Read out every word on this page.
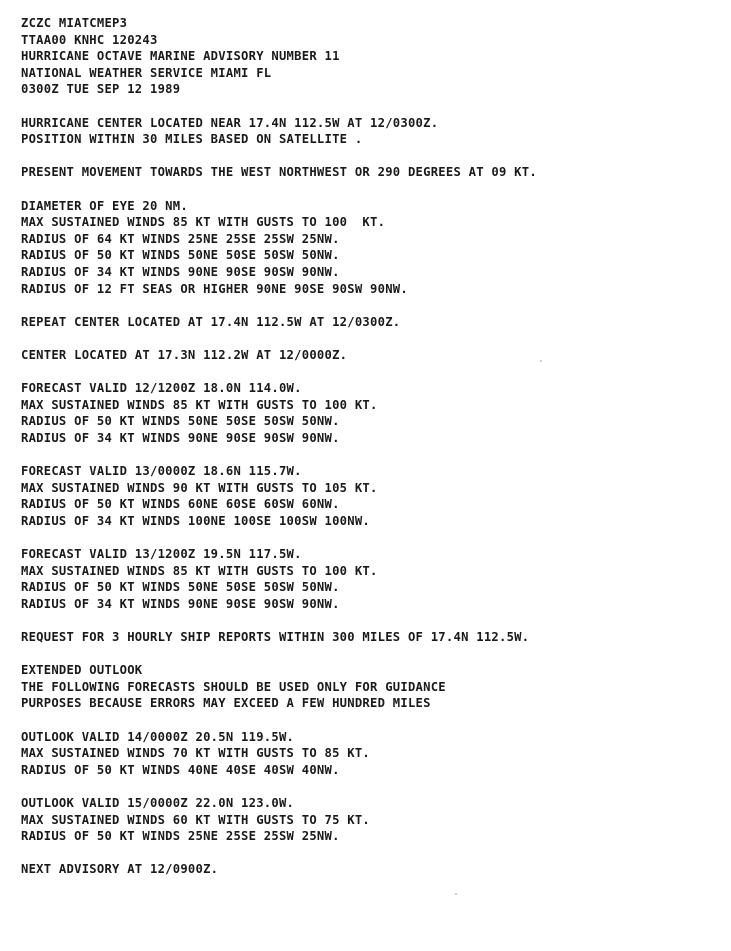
ZCZC MIATCMEP3
TTAA00 KNHC 120243
HURRICANE OCTAVE MARINE ADVISORY NUMBER 11
NATIONAL WEATHER SERVICE MIAMI FL
0300Z TUE SEP 12 1989
HURRICANE CENTER LOCATED NEAR 17.4N 112.5W AT 12/0300Z.
POSITION WITHIN 30 MILES BASED ON SATELLITE .
PRESENT MOVEMENT TOWARDS THE WEST NORTHWEST OR 290 DEGREES AT 09 KT.
DIAMETER OF EYE 20 NM.
MAX SUSTAINED WINDS 85 KT WITH GUSTS TO 100  KT.
RADIUS OF 64 KT WINDS 25NE 25SE 25SW 25NW.
RADIUS OF 50 KT WINDS 50NE 50SE 50SW 50NW.
RADIUS OF 34 KT WINDS 90NE 90SE 90SW 90NW.
RADIUS OF 12 FT SEAS OR HIGHER 90NE 90SE 90SW 90NW.
REPEAT CENTER LOCATED AT 17.4N 112.5W AT 12/0300Z.
CENTER LOCATED AT 17.3N 112.2W AT 12/0000Z.
FORECAST VALID 12/1200Z 18.0N 114.0W.
MAX SUSTAINED WINDS 85 KT WITH GUSTS TO 100 KT.
RADIUS OF 50 KT WINDS 50NE 50SE 50SW 50NW.
RADIUS OF 34 KT WINDS 90NE 90SE 90SW 90NW.
FORECAST VALID 13/0000Z 18.6N 115.7W.
MAX SUSTAINED WINDS 90 KT WITH GUSTS TO 105 KT.
RADIUS OF 50 KT WINDS 60NE 60SE 60SW 60NW.
RADIUS OF 34 KT WINDS 100NE 100SE 100SW 100NW.
FORECAST VALID 13/1200Z 19.5N 117.5W.
MAX SUSTAINED WINDS 85 KT WITH GUSTS TO 100 KT.
RADIUS OF 50 KT WINDS 50NE 50SE 50SW 50NW.
RADIUS OF 34 KT WINDS 90NE 90SE 90SW 90NW.
REQUEST FOR 3 HOURLY SHIP REPORTS WITHIN 300 MILES OF 17.4N 112.5W.
EXTENDED OUTLOOK
THE FOLLOWING FORECASTS SHOULD BE USED ONLY FOR GUIDANCE
PURPOSES BECAUSE ERRORS MAY EXCEED A FEW HUNDRED MILES
OUTLOOK VALID 14/0000Z 20.5N 119.5W.
MAX SUSTAINED WINDS 70 KT WITH GUSTS TO 85 KT.
RADIUS OF 50 KT WINDS 40NE 40SE 40SW 40NW.
OUTLOOK VALID 15/0000Z 22.0N 123.0W.
MAX SUSTAINED WINDS 60 KT WITH GUSTS TO 75 KT.
RADIUS OF 50 KT WINDS 25NE 25SE 25SW 25NW.
NEXT ADVISORY AT 12/0900Z.
